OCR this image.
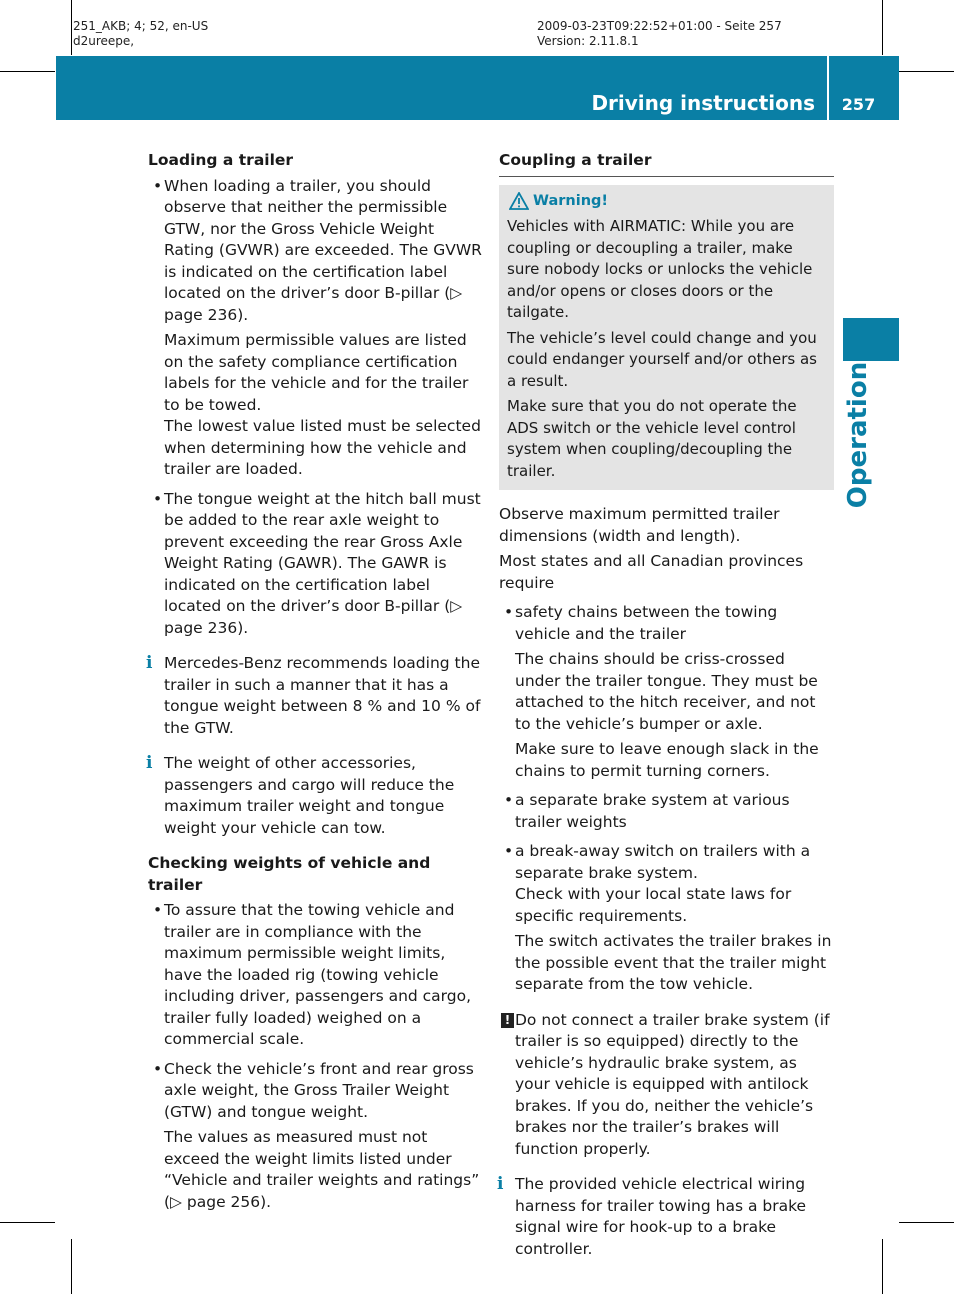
251_AKB; 4; 52, en-US
d2ureepe,
2009-03-23T09:22:52+01:00 - Seite 257
Version: 2.11.8.1
Driving instructions	257
Operation
Loading a trailer
• When loading a trailer, you should observe that neither the permissible GTW, nor the Gross Vehicle Weight Rating (GVWR) are exceeded. The GVWR is indicated on the certification label located on the driver’s door B-pillar (▷ page 236).
Maximum permissible values are listed on the safety compliance certification labels for the vehicle and for the trailer to be towed.
The lowest value listed must be selected when determining how the vehicle and trailer are loaded.
• The tongue weight at the hitch ball must be added to the rear axle weight to prevent exceeding the rear Gross Axle Weight Rating (GAWR). The GAWR is indicated on the certification label located on the driver’s door B-pillar (▷ page 236).
i Mercedes-Benz recommends loading the trailer in such a manner that it has a tongue weight between 8 % and 10 % of the GTW.
i The weight of other accessories, passengers and cargo will reduce the maximum trailer weight and tongue weight your vehicle can tow.
Checking weights of vehicle and trailer
• To assure that the towing vehicle and trailer are in compliance with the maximum permissible weight limits, have the loaded rig (towing vehicle including driver, passengers and cargo, trailer fully loaded) weighed on a commercial scale.
• Check the vehicle’s front and rear gross axle weight, the Gross Trailer Weight (GTW) and tongue weight.
The values as measured must not exceed the weight limits listed under “Vehicle and trailer weights and ratings” (▷ page 256).
Coupling a trailer
Warning!

Vehicles with AIRMATIC: While you are coupling or decoupling a trailer, make sure nobody locks or unlocks the vehicle and/or opens or closes doors or the tailgate.

The vehicle’s level could change and you could endanger yourself and/or others as a result.

Make sure that you do not operate the ADS switch or the vehicle level control system when coupling/decoupling the trailer.

Observe maximum permitted trailer dimensions (width and length).
Most states and all Canadian provinces require
• safety chains between the towing vehicle and the trailer
The chains should be criss-crossed under the trailer tongue. They must be attached to the hitch receiver, and not to the vehicle’s bumper or axle.
Make sure to leave enough slack in the chains to permit turning corners.
• a separate brake system at various trailer weights
• a break-away switch on trailers with a separate brake system.
Check with your local state laws for specific requirements.
The switch activates the trailer brakes in the possible event that the trailer might separate from the tow vehicle.
! Do not connect a trailer brake system (if trailer is so equipped) directly to the vehicle’s hydraulic brake system, as your vehicle is equipped with antilock brakes. If you do, neither the vehicle’s brakes nor the trailer’s brakes will function properly.
i The provided vehicle electrical wiring harness for trailer towing has a brake signal wire for hook-up to a brake controller.
